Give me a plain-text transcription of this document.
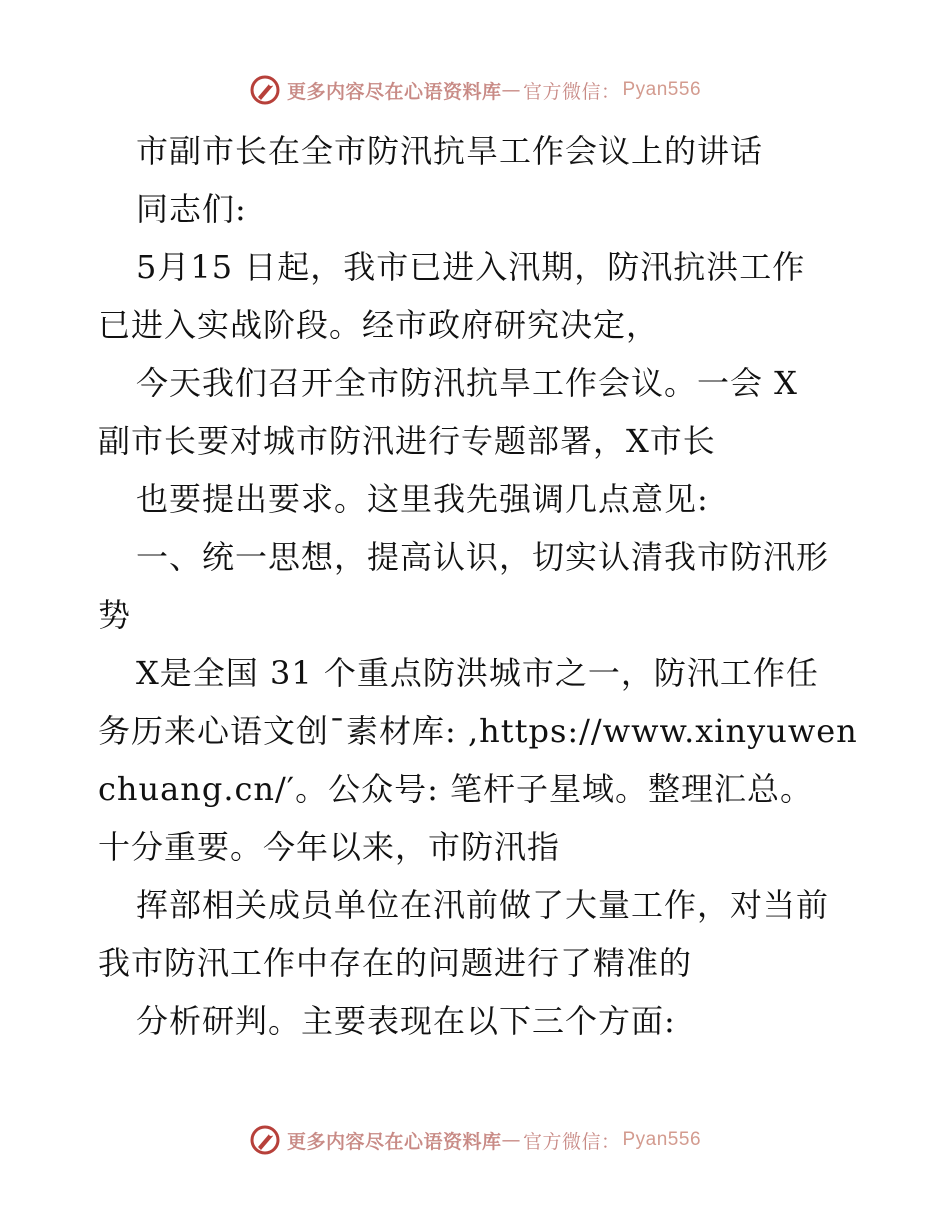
更多内容尽在心语资料库 — 官方微信： Pyan556
市副市长在全市防汛抗旱工作会议上的讲话
同志们:
5月15 日起，我市已进入汛期，防汛抗洪工作
已进入实战阶段。经市政府研究决定，
今天我们召开全市防汛抗旱工作会议。一会 X
副市长要对城市防汛进行专题部署，X市长
也要提出要求。这里我先强调几点意见:
一、统一思想，提高认识，切实认清我市防汛形
势
X是全国 31 个重点防洪城市之一，防汛工作任
务历来心语文创¯素材库: ,https://www.xinyuwen
chuang.cn/′。公众号: 笔杆子星域。整理汇总。
十分重要。今年以来，市防汛指
挥部相关成员单位在汛前做了大量工作，对当前
我市防汛工作中存在的问题进行了精准的
分析研判。主要表现在以下三个方面:
更多内容尽在心语资料库 — 官方微信： Pyan556
